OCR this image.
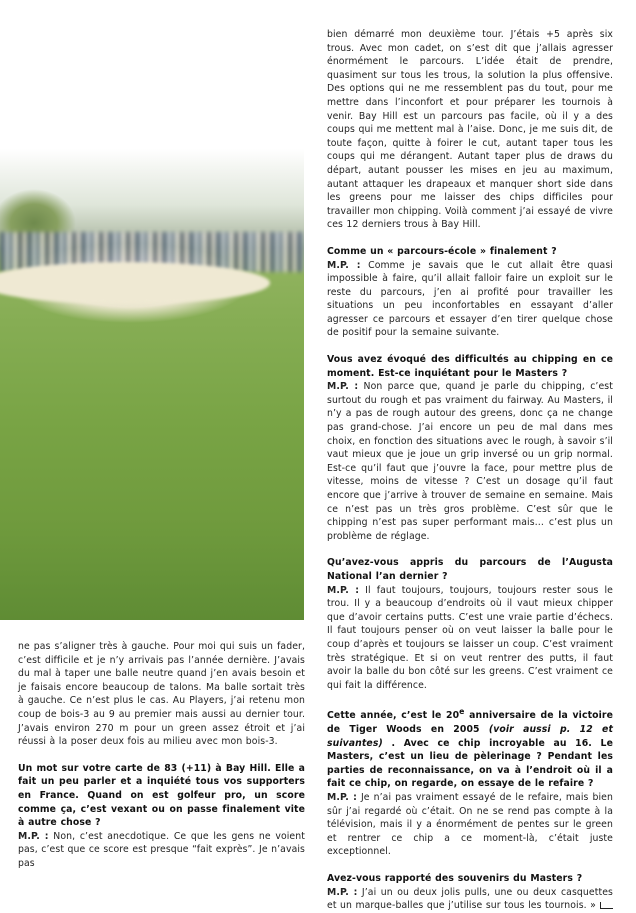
bien démarré mon deuxième tour. J’étais +5 après six trous. Avec mon cadet, on s’est dit que j’allais agresser énormément le parcours. L’idée était de prendre, quasiment sur tous les trous, la solution la plus offensive. Des options qui ne me ressemblent pas du tout, pour me mettre dans l’inconfort et pour préparer les tournois à venir. Bay Hill est un parcours pas facile, où il y a des coups qui me mettent mal à l’aise. Donc, je me suis dit, de toute façon, quitte à foirer le cut, autant taper tous les coups qui me dérangent. Autant taper plus de draws du départ, autant pousser les mises en jeu au maximum, autant attaquer les drapeaux et manquer short side dans les greens pour me laisser des chips difficiles pour travailler mon chipping. Voilà comment j’ai essayé de vivre ces 12 derniers trous à Bay Hill.

Comme un « parcours-école » finalement ?

M.P. : Comme je savais que le cut allait être quasi impossible à faire, qu’il allait falloir faire un exploit sur le reste du parcours, j’en ai profité pour travailler les situations un peu inconfortables en essayant d’aller agresser ce parcours et essayer d’en tirer quelque chose de positif pour la semaine suivante.

Vous avez évoqué des difficultés au chipping en ce moment. Est-ce inquiétant pour le Masters ?

M.P. : Non parce que, quand je parle du chipping, c’est surtout du rough et pas vraiment du fairway. Au Masters, il n’y a pas de rough autour des greens, donc ça ne change pas grand-chose. J’ai encore un peu de mal dans mes choix, en fonction des situations avec le rough, à savoir s’il vaut mieux que je joue un grip inversé ou un grip normal. Est-ce qu’il faut que j’ouvre la face, pour mettre plus de vitesse, moins de vitesse ? C’est un dosage qu’il faut encore que j’arrive à trouver de semaine en semaine. Mais ce n’est pas un très gros problème. C’est sûr que le chipping n’est pas super performant mais… c’est plus un problème de réglage.

Qu’avez-vous appris du parcours de l’Augusta National l’an dernier ?

M.P. : Il faut toujours, toujours, toujours rester sous le trou. Il y a beaucoup d’endroits où il vaut mieux chipper que d’avoir certains putts. C’est une vraie partie d’échecs. Il faut toujours penser où on veut laisser la balle pour le coup d’après et toujours se laisser un coup. C’est vraiment très stratégique. Et si on veut rentrer des putts, il faut avoir la balle du bon côté sur les greens. C’est vraiment ce qui fait la différence.

Cette année, c’est le 20e anniversaire de la victoire de Tiger Woods en 2005 (voir aussi p. 12 et suivantes) . Avec ce chip incroyable au 16. Le Masters, c’est un lieu de pèlerinage ? Pendant les parties de reconnaissance, on va à l’endroit où il a fait ce chip, on regarde, on essaye de le refaire ?

M.P. : Je n’ai pas vraiment essayé de le refaire, mais bien sûr j’ai regardé où c’était. On ne se rend pas compte à la télévision, mais il y a énormément de pentes sur le green et rentrer ce chip a ce moment-là, c’était juste exceptionnel.

Avez-vous rapporté des souvenirs du Masters ?

M.P. : J’ai un ou deux jolis pulls, une ou deux casquettes et un marque-balles que j’utilise sur tous les tournois. »

ne pas s’aligner très à gauche. Pour moi qui suis un fader, c’est difficile et je n’y arrivais pas l’année dernière. J’avais du mal à taper une balle neutre quand j’en avais besoin et je faisais encore beaucoup de talons. Ma balle sortait très à gauche. Ce n’est plus le cas. Au Players, j’ai retenu mon coup de bois-3 au 9 au premier mais aussi au dernier tour. J’avais environ 270 m pour un green assez étroit et j’ai réussi à la poser deux fois au milieu avec mon bois-3.

Un mot sur votre carte de 83 (+11) à Bay Hill. Elle a fait un peu parler et a inquiété tous vos supporters en France. Quand on est golfeur pro, un score comme ça, c’est vexant ou on passe finalement vite à autre chose ?

M.P. : Non, c’est anecdotique. Ce que les gens ne voient pas, c’est que ce score est presque “fait exprès”. Je n’avais pas
